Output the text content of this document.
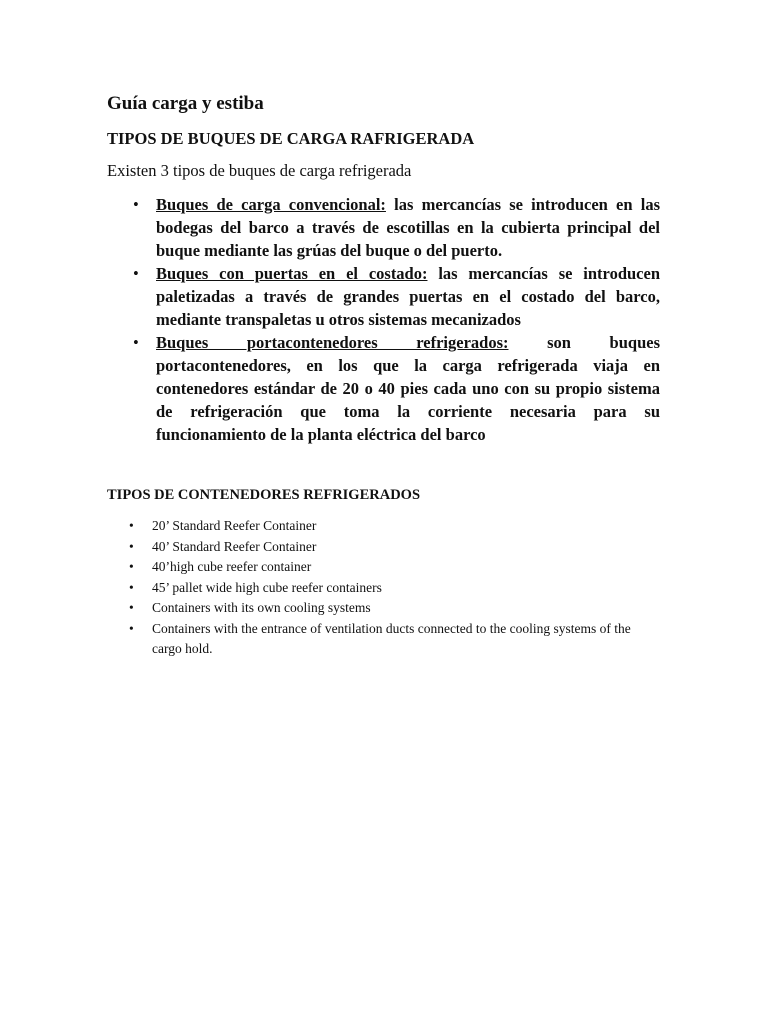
Guía carga y estiba
TIPOS DE BUQUES DE CARGA RAFRIGERADA

Existen 3 tipos de buques de carga refrigerada

• Buques de carga convencional: las mercancías se introducen en las bodegas del barco a través de escotillas en la cubierta principal del buque mediante las grúas del buque o del puerto.
• Buques con puertas en el costado: las mercancías se introducen paletizadas a través de grandes puertas en el costado del barco, mediante transpaletas u otros sistemas mecanizados
• Buques portacontenedores refrigerados: son buques portacontenedores, en los que la carga refrigerada viaja en contenedores estándar de 20 o 40 pies cada uno con su propio sistema de refrigeración que toma la corriente necesaria para su funcionamiento de la planta eléctrica del barco
TIPOS DE CONTENEDORES REFRIGERADOS
• 20’ Standard Reefer Container
• 40’ Standard Reefer Container
• 40’high cube reefer container
• 45’ pallet wide high cube reefer containers
• Containers with its own cooling systems
• Containers with the entrance of ventilation ducts connected to the cooling systems of the cargo hold.
